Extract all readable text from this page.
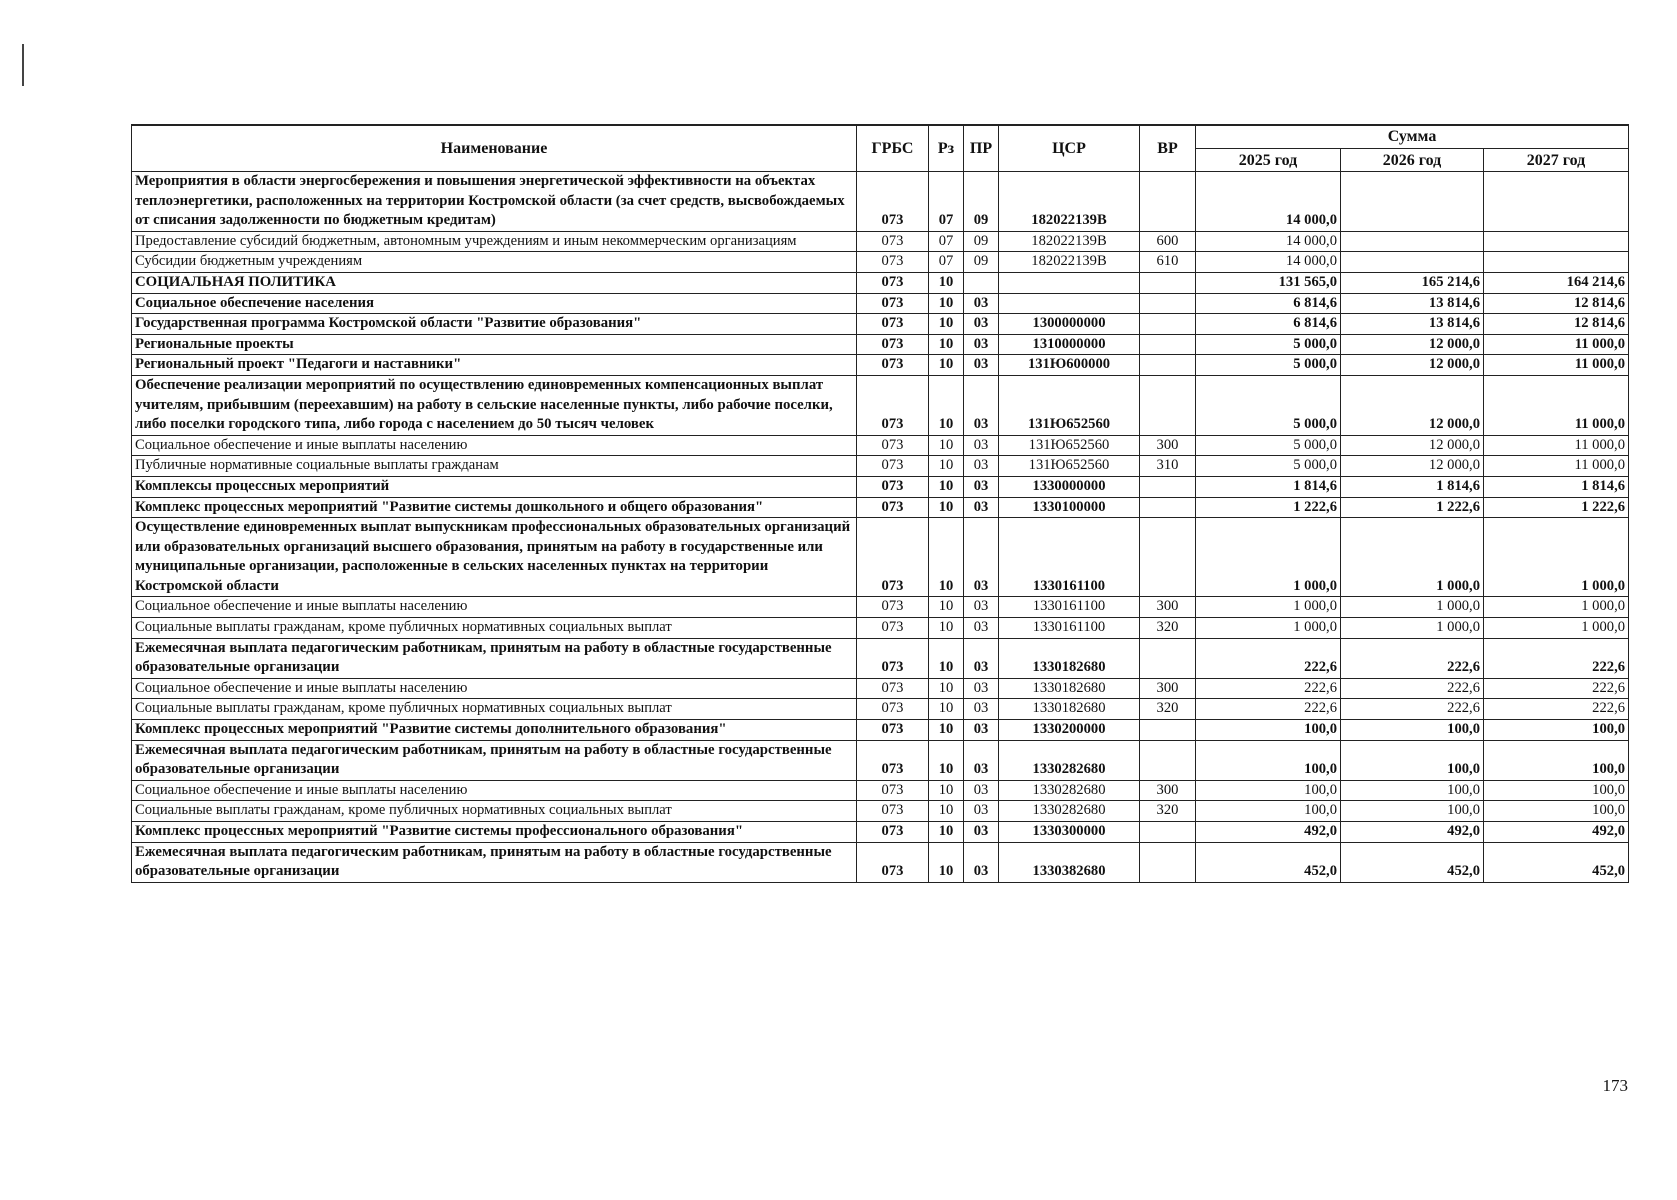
Наименование	ГРБС	Рз	ПР	ЦСР	ВР	Сумма		
						2025 год	2026 год	2027 год
Мероприятия в области энергосбережения и повышения энергетической эффективности на объектах теплоэнергетики, расположенных на территории Костромской области (за счет средств, высвобождаемых от списания задолженности по бюджетным кредитам)	073	07	09	182022139В		14 000,0		
Предоставление субсидий бюджетным, автономным учреждениям и иным некоммерческим организациям	073	07	09	182022139В	600	14 000,0		
Субсидии бюджетным учреждениям	073	07	09	182022139В	610	14 000,0		
СОЦИАЛЬНАЯ ПОЛИТИКА	073	10				131 565,0	165 214,6	164 214,6
Социальное обеспечение населения	073	10	03			6 814,6	13 814,6	12 814,6
Государственная программа Костромской области "Развитие образования"	073	10	03	1300000000		6 814,6	13 814,6	12 814,6
Региональные проекты	073	10	03	1310000000		5 000,0	12 000,0	11 000,0
Региональный проект "Педагоги и наставники"	073	10	03	131Ю600000		5 000,0	12 000,0	11 000,0
Обеспечение реализации мероприятий по осуществлению единовременных компенсационных выплат учителям, прибывшим (переехавшим) на работу в сельские населенные пункты, либо рабочие поселки, либо поселки городского типа, либо города с населением до 50 тысяч человек	073	10	03	131Ю652560		5 000,0	12 000,0	11 000,0
Социальное обеспечение и иные выплаты населению	073	10	03	131Ю652560	300	5 000,0	12 000,0	11 000,0
Публичные нормативные социальные выплаты гражданам	073	10	03	131Ю652560	310	5 000,0	12 000,0	11 000,0
Комплексы процессных мероприятий	073	10	03	1330000000		1 814,6	1 814,6	1 814,6
Комплекс процессных мероприятий "Развитие системы дошкольного и общего образования"	073	10	03	1330100000		1 222,6	1 222,6	1 222,6
Осуществление единовременных выплат выпускникам профессиональных образовательных организаций или образовательных организаций высшего образования, принятым на работу в государственные или муниципальные организации, расположенные в сельских населенных пунктах на территории Костромской области	073	10	03	1330161100		1 000,0	1 000,0	1 000,0
Социальное обеспечение и иные выплаты населению	073	10	03	1330161100	300	1 000,0	1 000,0	1 000,0
Социальные выплаты гражданам, кроме публичных нормативных социальных выплат	073	10	03	1330161100	320	1 000,0	1 000,0	1 000,0
Ежемесячная выплата педагогическим работникам, принятым на работу в областные государственные образовательные организации	073	10	03	1330182680		222,6	222,6	222,6
Социальное обеспечение и иные выплаты населению	073	10	03	1330182680	300	222,6	222,6	222,6
Социальные выплаты гражданам, кроме публичных нормативных социальных выплат	073	10	03	1330182680	320	222,6	222,6	222,6
Комплекс процессных мероприятий "Развитие системы дополнительного образования"	073	10	03	1330200000		100,0	100,0	100,0
Ежемесячная выплата педагогическим работникам, принятым на работу в областные государственные образовательные организации	073	10	03	1330282680		100,0	100,0	100,0
Социальное обеспечение и иные выплаты населению	073	10	03	1330282680	300	100,0	100,0	100,0
Социальные выплаты гражданам, кроме публичных нормативных социальных выплат	073	10	03	1330282680	320	100,0	100,0	100,0
Комплекс процессных мероприятий "Развитие системы профессионального образования"	073	10	03	1330300000		492,0	492,0	492,0
Ежемесячная выплата педагогическим работникам, принятым на работу в областные государственные образовательные организации	073	10	03	1330382680		452,0	452,0	452,0
173
